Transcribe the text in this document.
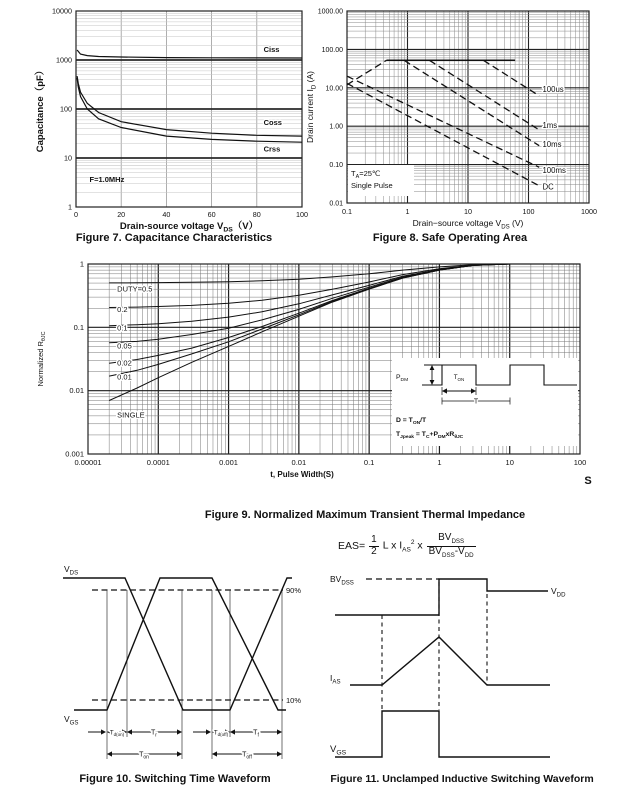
Ciss
Coss
Crss
10000
1000
100
10
1
0	20	40	60	80	100
Drain-source voltage $V_{DS}(V)$
Capacitance（pF）
F=1.0MHz
Figure 7. Capacitance Characteristics
100us
1ms
10ms
100ms
DC
$T_A=25℃$
Single Pulse
1000.00
100.00
10.00
1.00
0.10
0.01
0.1	1	10	100	1000
Drain−source voltage $V_{DS}$ (V)
Drain current $I_D$ (A)
Figure 8. Safe Operating Area
DUTY=0.5
0.2
0.1
0.05
0.02
0.01
SINGLE
$P_{DM}$	$T_{ON}$
T
$D = T_{ON}/T$
$T_{Jpeak} = T_C+P_{DM}xR_{\theta JC}$
1
0.1
0.01
0.001
0.00001	0.0001	0.001	0.01	0.1	1	10	100
t, Pulse Width(S)
Normalized $R_{\theta JC}$
S
Figure 9. Normalized Maximum Transient Thermal Impedance
$V_{DS}$
$V_{GS}$
90%
10%
$T_{d(on)}$	$T_r$	$T_{d(off)}$	$T_f$
$T_{on}$	$T_{off}$
Figure 10. Switching Time Waveform
$EAS= \frac{1}{2}$ L x $I_{AS}^2$ x $\frac{BV_{DSS}}{BV_{DSS}-V_{DD}}$
$BV_{DSS}$
$V_{DD}$
$I_{AS}$
$V_{GS}$
Figure 11. Unclamped Inductive Switching Waveform
